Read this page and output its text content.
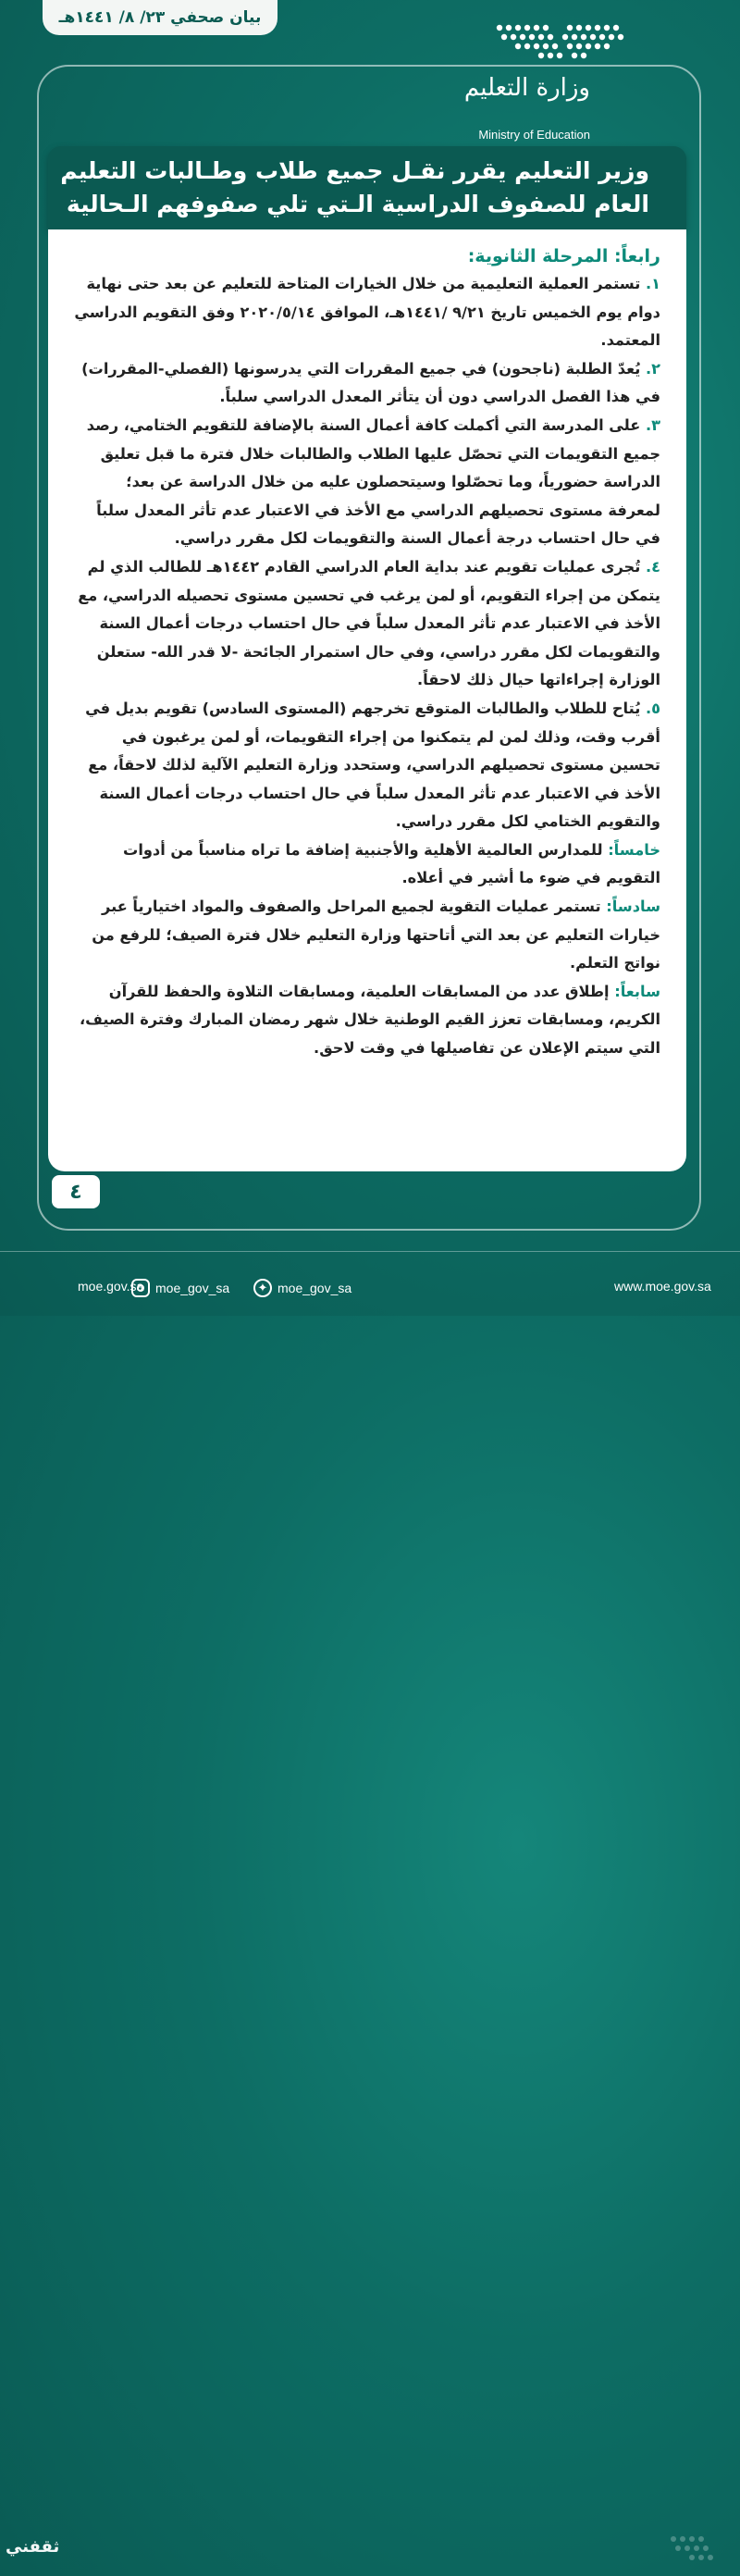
بيان صحفي ٢٣/ ٨/ ١٤٤١هـ
وزارة التعليم
Ministry of Education
وزير التعليم يقرر نقـل جميع طلاب وطـالبات التعليم
العام للصفوف الدراسية الـتي تلي صفوفهم الـحالية
رابعاً: المرحلة الثانوية:

١. تستمر العملية التعليمية من خلال الخيارات المتاحة للتعليم عن بعد حتى نهاية دوام يوم الخميس تاريخ ٩/٢١ /١٤٤١هـ، الموافق ٢٠٢٠/٥/١٤ وفق التقويم الدراسي المعتمد.

٢. يُعدّ الطلبة (ناجحون) في جميع المقررات التي يدرسونها (الفصلي-المقررات) في هذا الفصل الدراسي دون أن يتأثر المعدل الدراسي سلباً.

٣. على المدرسة التي أكملت كافة أعمال السنة بالإضافة للتقويم الختامي، رصد جميع التقويمات التي تحصّل عليها الطلاب والطالبات خلال فترة ما قبل تعليق الدراسة حضورياً، وما تحصّلوا وسيتحصلون عليه من خلال الدراسة عن بعد؛ لمعرفة مستوى تحصيلهم الدراسي مع الأخذ في الاعتبار عدم تأثر المعدل سلباً في حال احتساب درجة أعمال السنة والتقويمات لكل مقرر دراسي.

٤. تُجرى عمليات تقويم عند بداية العام الدراسي القادم ١٤٤٢هـ للطالب الذي لم يتمكن من إجراء التقويم، أو لمن يرغب في تحسين مستوى تحصيله الدراسي، مع الأخذ في الاعتبار عدم تأثر المعدل سلباً في حال احتساب درجات أعمال السنة والتقويمات لكل مقرر دراسي، وفي حال استمرار الجائحة -لا قدر الله- ستعلن الوزارة إجراءاتها حيال ذلك لاحقاً.

٥. يُتاح للطلاب والطالبات المتوقع تخرجهم (المستوى السادس) تقويم بديل في أقرب وقت، وذلك لمن لم يتمكنوا من إجراء التقويمات، أو لمن يرغبون في تحسين مستوى تحصيلهم الدراسي، وستحدد وزارة التعليم الآلية لذلك لاحقاً، مع الأخذ في الاعتبار عدم تأثر المعدل سلباً في حال احتساب درجات أعمال السنة والتقويم الختامي لكل مقرر دراسي.

خامساً: للمدارس العالمية الأهلية والأجنبية إضافة ما تراه مناسباً من أدوات التقويم في ضوء ما أشير في أعلاه.

سادساً: تستمر عمليات التقوية لجميع المراحل والصفوف والمواد اختيارياً عبر خيارات التعليم عن بعد التي أتاحتها وزارة التعليم خلال فترة الصيف؛ للرفع من نواتج التعلم.

سابعاً: إطلاق عدد من المسابقات العلمية، ومسابقات التلاوة والحفظ للقرآن الكريم، ومسابقات تعزز القيم الوطنية خلال شهر رمضان المبارك وفترة الصيف، التي سيتم الإعلان عن تفاصيلها في وقت لاحق.

٤
ثقفني
moe.gov.sa moe_gov_sa	✦ moe_gov_sa	www.moe.gov.sa
